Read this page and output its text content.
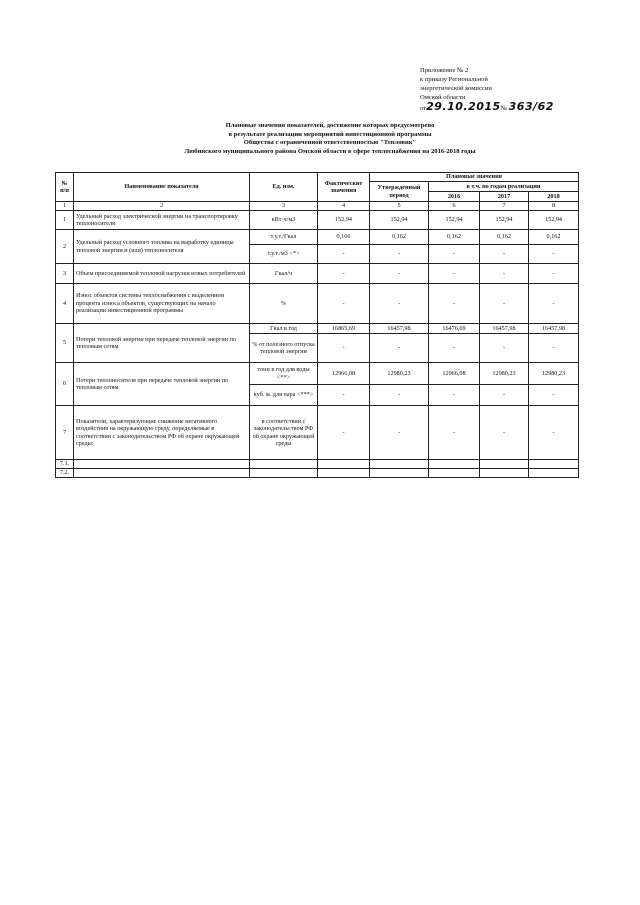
Приложение № 2
к приказу Региональной
энергетической комиссии
Омской области
от29.10.2015№ 363/62
Плановые значения показателей, достижение которых предусмотрено
в результате реализации мероприятий инвестиционной программы
Общества с ограниченной ответственностью "Тепловик"
Любинского муниципального района Омской области в сфере теплоснабжения на 2016-2018 годы
№ п/п	Наименование показателя	Ед. изм.	Фактические значения	Плановые значения			
				Утвержденный период	в т.ч. по годам реализации		
					2016	2017	2018
1	2	3	4	5	6	7	8
1	Удельный расход электрической энергии на транспортировку теплоносителя	кВт·ч/м3	152,94	152,94	152,94	152,94	152,94
2	Удельный расход условного топлива на выработку единицы тепловой энергии и (или) теплоносителя	т.у.т./Гкал	0,166	0,162	0,162	0,162	0,162
		т.у.т./м3 <*>	-	-	-	-	-
3	Объем присоединяемой тепловой нагрузки новых потребителей	Гкал/ч	-	-	-	-	-
4	Износ объектов системы теплоснабжения с выделением процента износа объектов, существующих на начало реализации инвестиционной программы	%	-	-	-	-	-
5	Потери тепловой энергии при передаче тепловой энергии по тепловым сетям	Гкал в год	16865,69	16457,98	16476,69	16457,98	16457,98
		% от полезного отпуска тепловой энергии	-	-	-	-	-
6	Потери теплоносителя при передаче тепловой энергии по тепловым сетям	тонн в год для воды <**>	12966,08	12980,23	12966,08	12980,23	12980,23
		куб. м. для пара <***>	-	-	-	-	-
7	Показатели, характеризующие снижение негативного воздействия на окружающую среду, определяемые в соответствии с законодательством РФ об охране окружающей среды:	в соответствии с законодательством РФ об охране окружающей среды	-	-	-	-	-
7.1.							
7.2.							
